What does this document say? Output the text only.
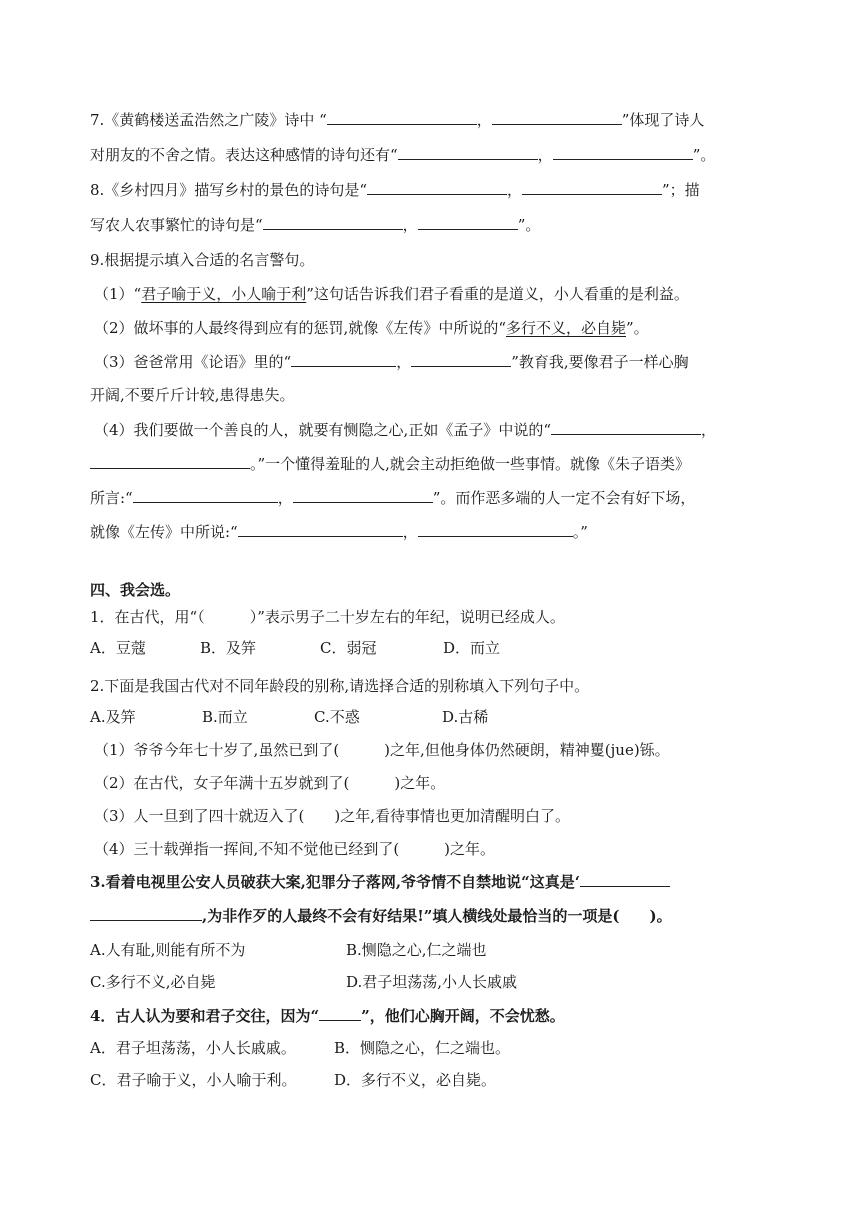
7.《黄鹤楼送孟浩然之广陵》诗中 “	，	”体现了诗人
对朋友的不舍之情。表达这种感情的诗句还有“	，	”。
8.《乡村四月》描写乡村的景色的诗句是“	，	”；描
写农人农事繁忙的诗句是“	，	”。
9.根据提示填入合适的名言警句。
（1）“君子喻于义，小人喻于利”这句话告诉我们君子看重的是道义，小人看重的是利益。
（2）做坏事的人最终得到应有的惩罚,就像《左传》中所说的“多行不义，必自毙”。
（3）爸爸常用《论语》里的“	，	”教育我,要像君子一样心胸
开阔,不要斤斤计较,患得患失。
（4）我们要做一个善良的人，就要有恻隐之心,正如《孟子》中说的“	，
。”一个懂得羞耻的人,就会主动拒绝做一些事情。就像《朱子语类》
所言:“	，	”。而作恶多端的人一定不会有好下场，
就像《左传》中所说:“	，	。”
四、我会选。
1．在古代，用“（　　　）”表示男子二十岁左右的年纪，说明已经成人。
A．豆蔻	B．及笄	C．弱冠	D．而立
2.下面是我国古代对不同年龄段的别称,请选择合适的别称填入下列句子中。
A.及笄	B.而立	C.不惑	D.古稀
（1）爷爷今年七十岁了,虽然已到了(　　　)之年,但他身体仍然硬朗，精神矍(jue)铄。
（2）在古代，女子年满十五岁就到了(　　　)之年。
（3）人一旦到了四十就迈入了(　　)之年,看待事情也更加清醒明白了。
（4）三十载弹指一挥间,不知不觉他已经到了(　　　)之年。
3.看着电视里公安人员破获大案,犯罪分子落网,爷爷情不自禁地说“这真是‘
,为非作歹的人最终不会有好结果!”填人横线处最恰当的一项是(　　)。
A.人有耻,则能有所不为	B.恻隐之心,仁之端也
C.多行不义,必自毙	D.君子坦荡荡,小人长戚戚
4．古人认为要和君子交往，因为“	”，他们心胸开阔，不会忧愁。
A．君子坦荡荡，小人长戚戚。	B．恻隐之心，仁之端也。
C．君子喻于义，小人喻于利。	D．多行不义，必自毙。
